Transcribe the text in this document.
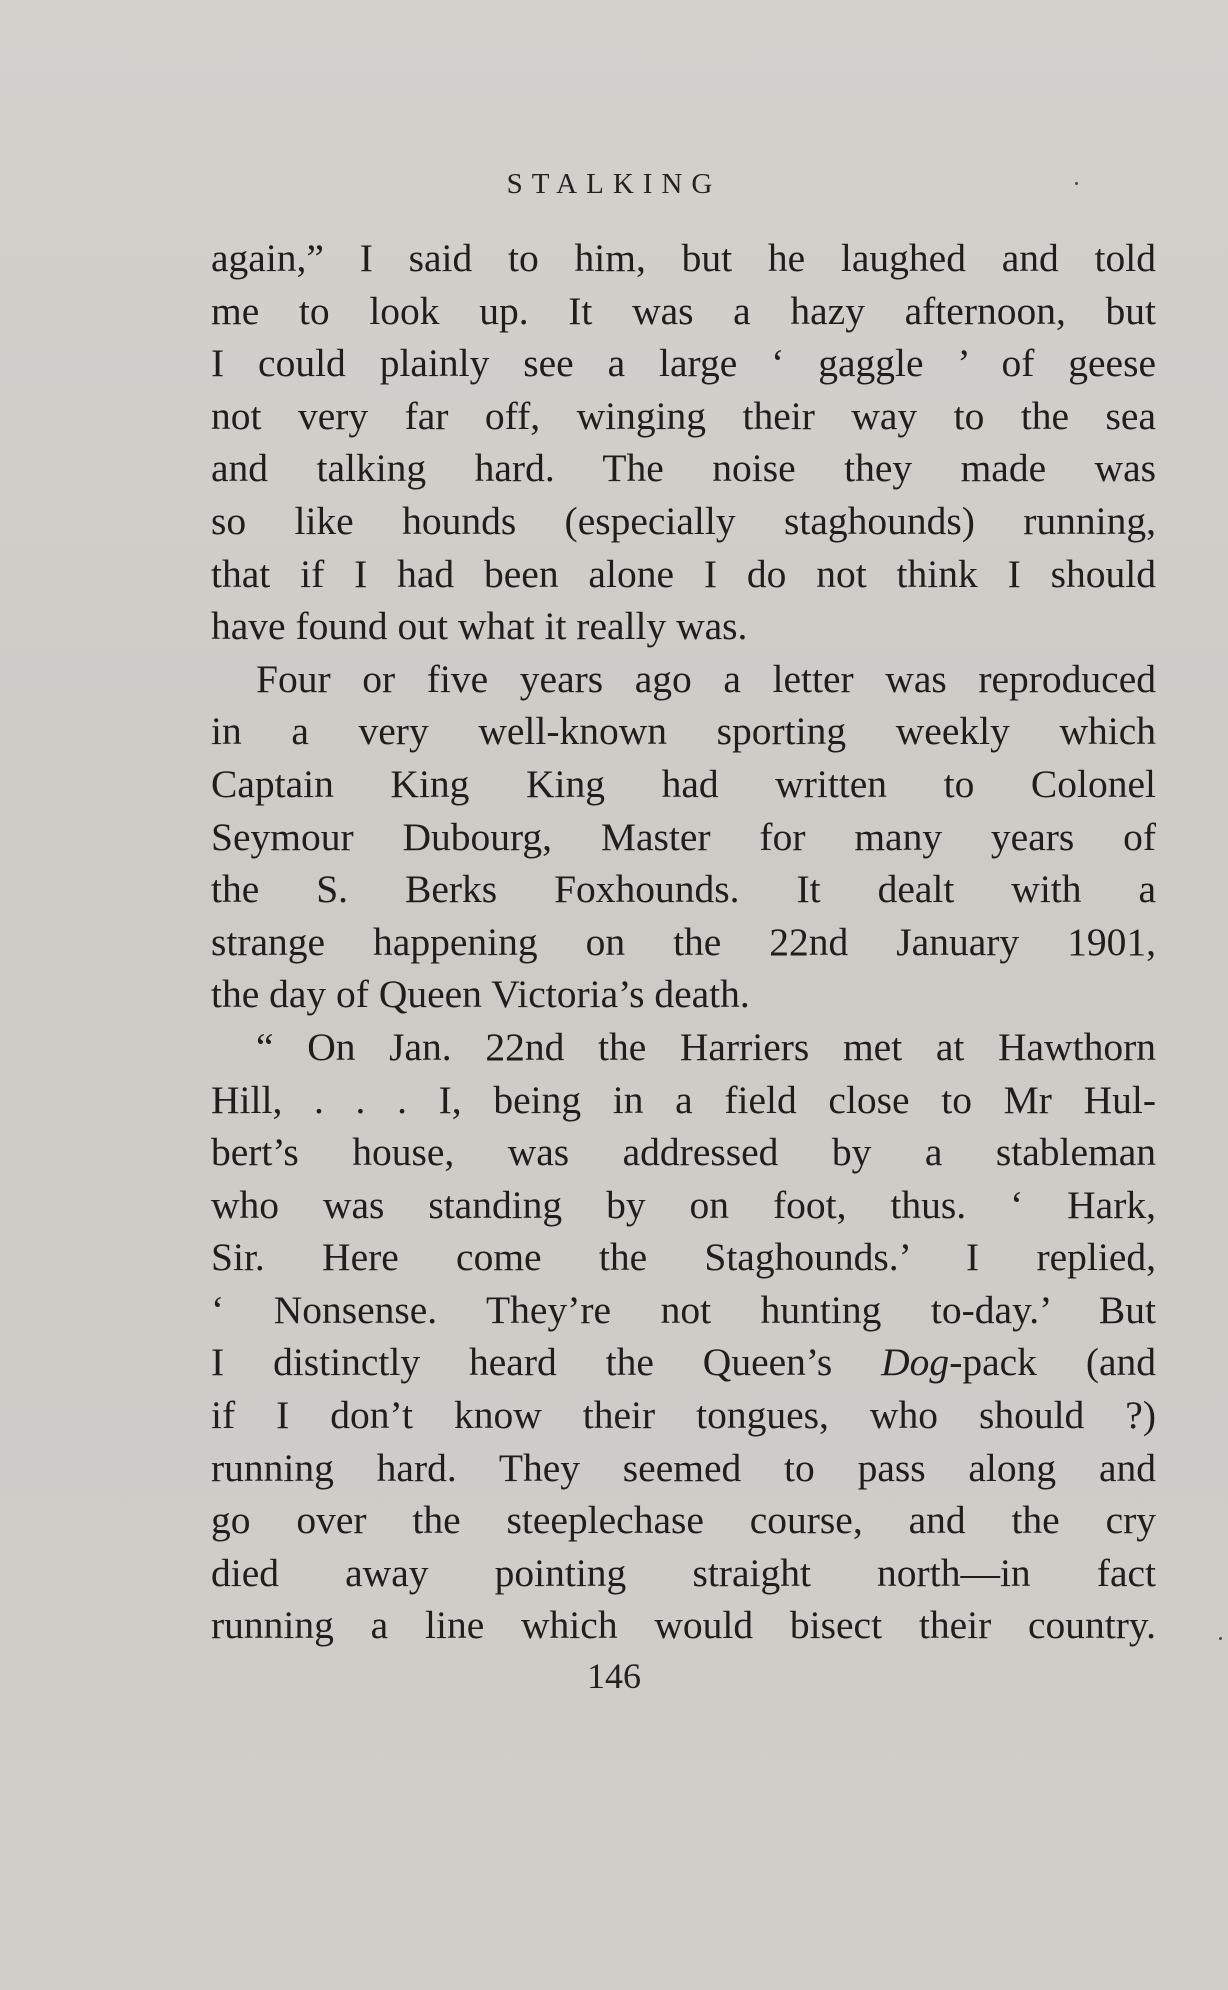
STALKING
again,” I said to him, but he laughed and told
me to look up. It was a hazy afternoon, but
I could plainly see a large ‘ gaggle ’ of geese
not very far off, winging their way to the sea
and talking hard. The noise they made was
so like hounds (especially staghounds) running,
that if I had been alone I do not think I should
have found out what it really was.
Four or five years ago a letter was reproduced
in a very well-known sporting weekly which
Captain King King had written to Colonel
Seymour Dubourg, Master for many years of
the S. Berks Foxhounds. It dealt with a
strange happening on the 22nd January 1901,
the day of Queen Victoria’s death.
“ On Jan. 22nd the Harriers met at Hawthorn
Hill, . . . I, being in a field close to Mr Hul-
bert’s house, was addressed by a stableman
who was standing by on foot, thus. ‘ Hark,
Sir. Here come the Staghounds.’ I replied,
‘ Nonsense. They’re not hunting to-day.’ But
I distinctly heard the Queen’s Dog-pack (and
if I don’t know their tongues, who should ?)
running hard. They seemed to pass along and
go over the steeplechase course, and the cry
died away pointing straight north—in fact
running a line which would bisect their country.
146
